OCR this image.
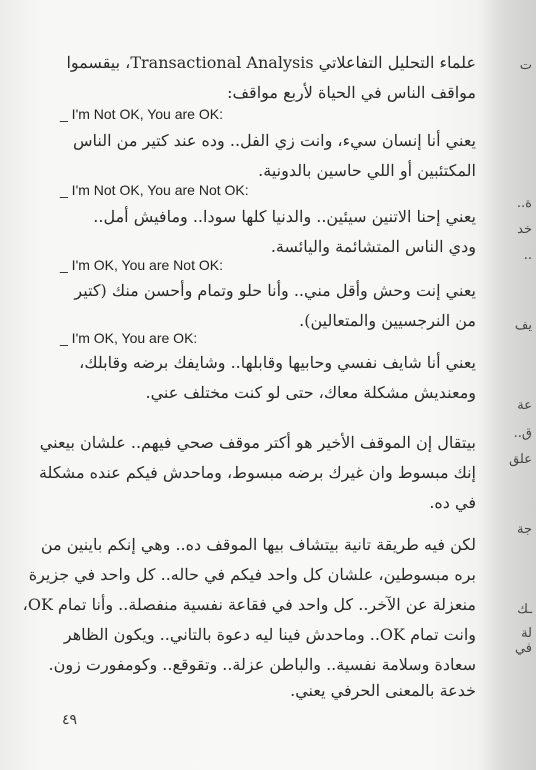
ت
ة..
خد
..
يف
عة
ق..
علق
جة
ـك
لة في
علماء التحليل التفاعلاتي Transactional Analysis، بيقسموا
مواقف الناس في الحياة لأربع مواقف:
_ I'm Not OK, You are OK:
يعني أنا إنسان سيء، وانت زي الفل.. وده عند كتير من الناس
المكتئبين أو اللي حاسين بالدونية.
_ I'm Not OK, You are Not OK:
يعني إحنا الاتنين سيئين.. والدنيا كلها سودا.. ومافيش أمل..
ودي الناس المتشائمة واليائسة.
_ I'm OK, You are Not OK:
يعني إنت وحش وأقل مني.. وأنا حلو وتمام وأحسن منك (كتير
من النرجسيين والمتعالين).
_ I'm OK, You are OK:
يعني أنا شايف نفسي وحابيها وقابلها.. وشايفك برضه وقابلك،
ومعنديش مشكلة معاك، حتى لو كنت مختلف عني.
بيتقال إن الموقف الأخير هو أكتر موقف صحي فيهم.. علشان بيعني
إنك مبسوط وان غيرك برضه مبسوط، وماحدش فيكم عنده مشكلة
في ده.
لكن فيه طريقة تانية بيتشاف بيها الموقف ده.. وهي إنكم باينين من
بره مبسوطين، علشان كل واحد فيكم في حاله.. كل واحد في جزيرة
منعزلة عن الآخر.. كل واحد في فقاعة نفسية منفصلة.. وأنا تمام OK،
وانت تمام OK.. وماحدش فينا ليه دعوة بالتاني.. ويكون الظاهر
سعادة وسلامة نفسية.. والباطن عزلة.. وتقوقع.. وكومفورت زون.
خدعة بالمعنى الحرفي يعني.
٤٩
